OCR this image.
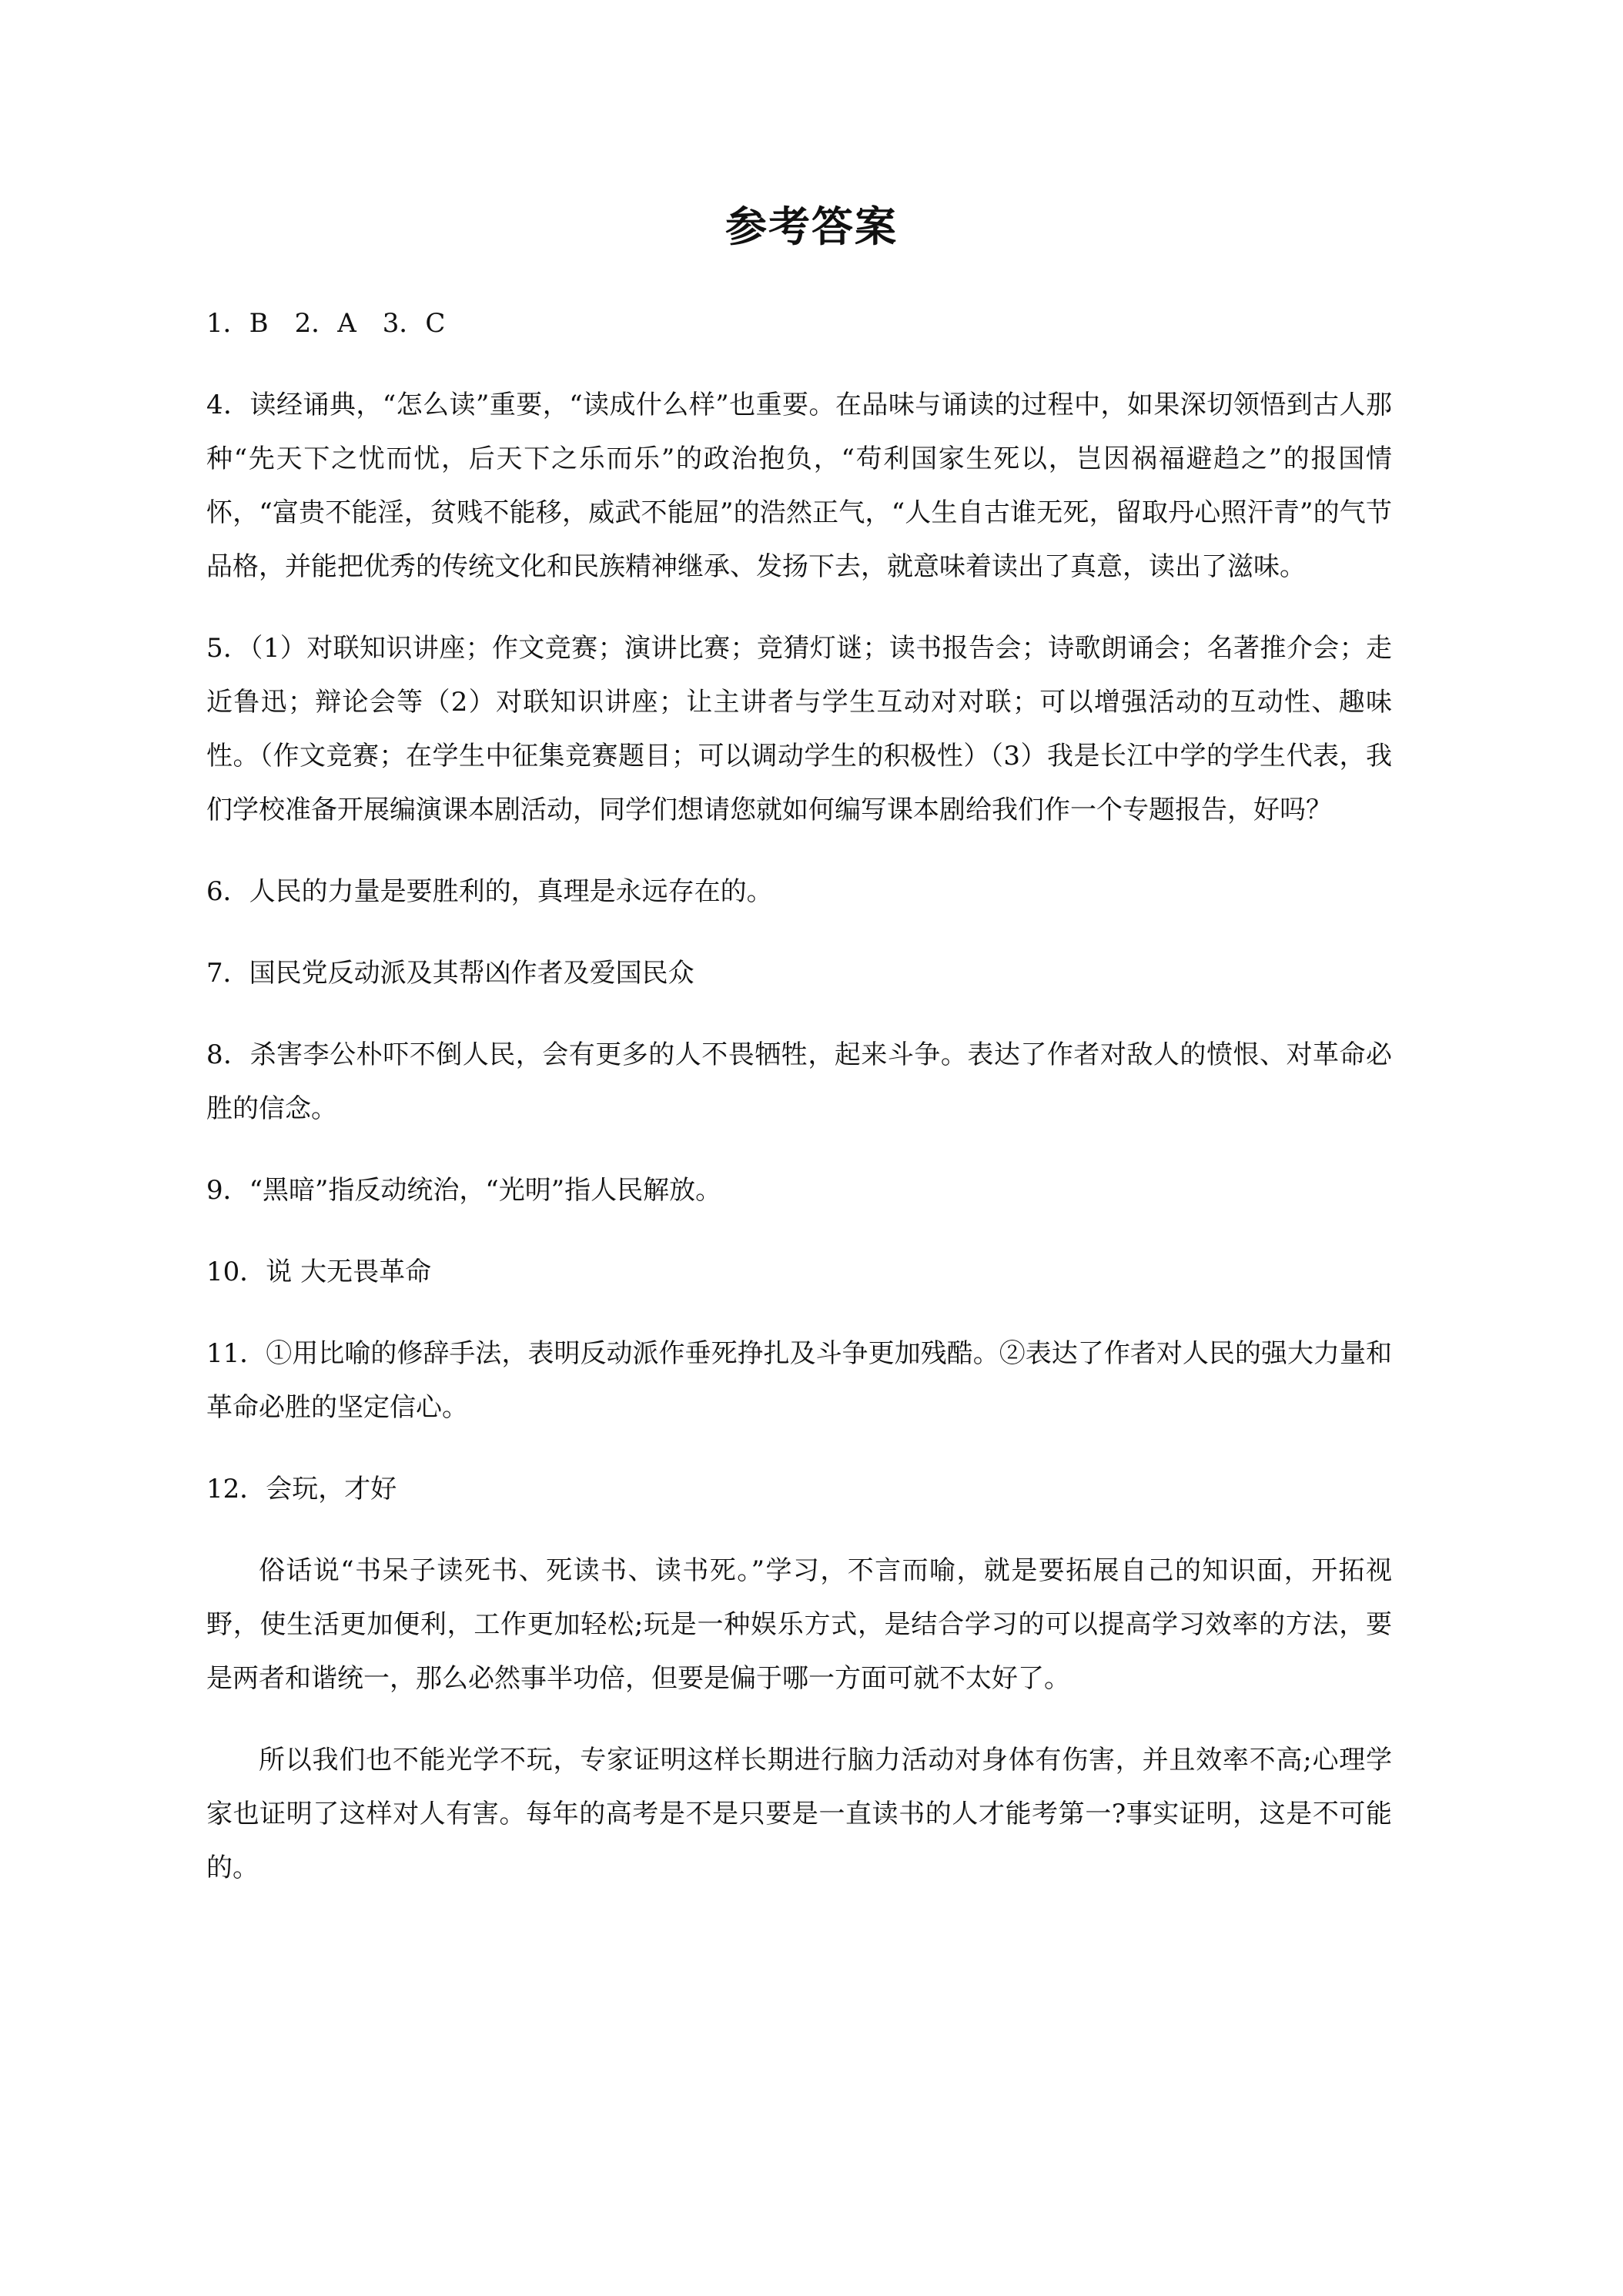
参考答案

1．B　2．A　3．C

4．读经诵典，“怎么读”重要，“读成什么样”也重要。在品味与诵读的过程中，如果深切领悟到古人那种“先天下之忧而忧，后天下之乐而乐”的政治抱负，“苟利国家生死以，岂因祸福避趋之”的报国情怀，“富贵不能淫，贫贱不能移，威武不能屈”的浩然正气，“人生自古谁无死，留取丹心照汗青”的气节品格，并能把优秀的传统文化和民族精神继承、发扬下去，就意味着读出了真意，读出了滋味。

5．（1）对联知识讲座；作文竞赛；演讲比赛；竞猜灯谜；读书报告会；诗歌朗诵会；名著推介会；走近鲁迅；辩论会等（2）对联知识讲座；让主讲者与学生互动对对联；可以增强活动的互动性、趣味性。（作文竞赛；在学生中征集竞赛题目；可以调动学生的积极性）（3）我是长江中学的学生代表，我们学校准备开展编演课本剧活动，同学们想请您就如何编写课本剧给我们作一个专题报告，好吗？

6．人民的力量是要胜利的，真理是永远存在的。

7．国民党反动派及其帮凶作者及爱国民众

8．杀害李公朴吓不倒人民，会有更多的人不畏牺牲，起来斗争。表达了作者对敌人的愤恨、对革命必胜的信念。

9．“黑暗”指反动统治，“光明”指人民解放。

10．说 大无畏革命

11．①用比喻的修辞手法，表明反动派作垂死挣扎及斗争更加残酷。②表达了作者对人民的强大力量和革命必胜的坚定信心。

12．会玩，才好

俗话说“书呆子读死书、死读书、读书死。”学习，不言而喻，就是要拓展自己的知识面，开拓视野，使生活更加便利，工作更加轻松;玩是一种娱乐方式，是结合学习的可以提高学习效率的方法，要是两者和谐统一，那么必然事半功倍，但要是偏于哪一方面可就不太好了。

所以我们也不能光学不玩，专家证明这样长期进行脑力活动对身体有伤害，并且效率不高;心理学家也证明了这样对人有害。每年的高考是不是只要是一直读书的人才能考第一?事实证明，这是不可能的。
